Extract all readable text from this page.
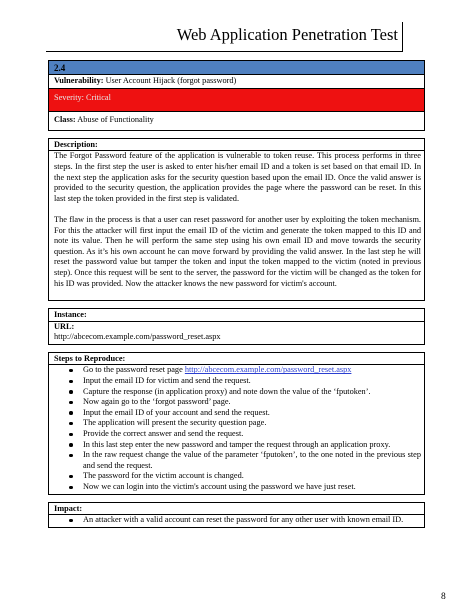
Web Application Penetration Test
2.4
Vulnerability: User Account Hijack (forgot password)
Severity: Critical
Class: Abuse of Functionality
Description:

The Forgot Password feature of the application is vulnerable to token reuse. This process performs in three steps. In the first step the user is asked to enter his/her email ID and a token is set based on that email ID. In the next step the application asks for the security question based upon the email ID. Once the valid answer is provided to the security question, the application provides the page where the password can be reset. In this last step the token provided in the first step is validated.

The flaw in the process is that a user can reset password for another user by exploiting the token mechanism. For this the attacker will first input the email ID of the victim and generate the token mapped to this ID and note its value. Then he will perform the same step using his own email ID and move towards the security question. As it’s his own account he can move forward by providing the valid answer. In the last step he will reset the password value but tamper the token and input the token mapped to the victim (noted in previous step). Once this request will be sent to the server, the password for the victim will be changed as the token for his ID was provided. Now the attacker knows the new password for victim's account.

Instance:
URL:
http://abcecom.example.com/password_reset.aspx
Steps to Reproduce:
Go to the password reset page http://abcecom.example.com/password_reset.aspx
Input the email ID for victim and send the request.
Capture the response (in application proxy) and note down the value of the ‘fputoken’.
Now again go to the ‘forgot password’ page.
Input the email ID of your account and send the request.
The application will present the security question page.
Provide the correct answer and send the request.
In this last step enter the new password and tamper the request through an application proxy.
In the raw request change the value of the parameter ‘fputoken’, to the one noted in the previous step and send the request.
The password for the victim account is changed.
Now we can login into the victim's account using the password we have just reset.
Impact:
An attacker with a valid account can reset the password for any other user with known email ID.
8
